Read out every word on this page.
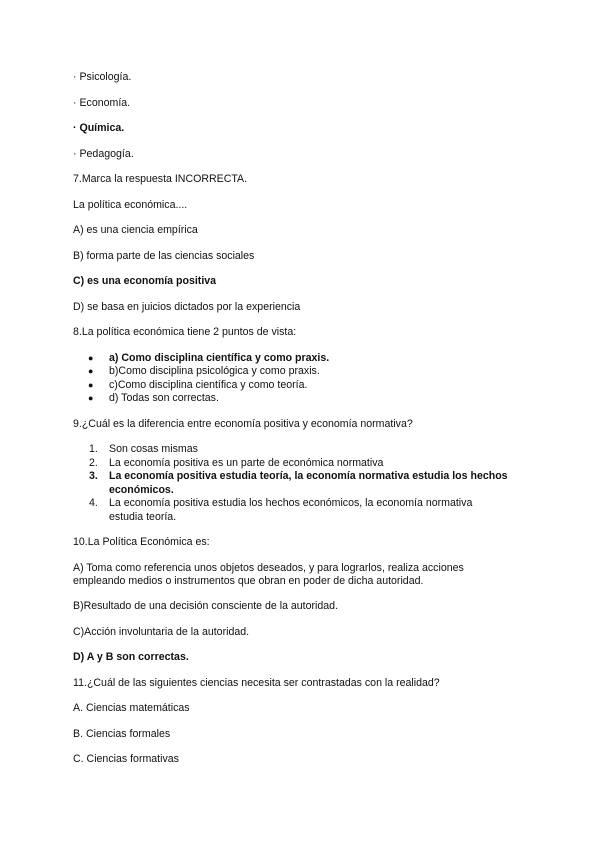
· Psicología.

· Economía.

· Química.

· Pedagogía.

7.Marca la respuesta INCORRECTA.

La política económica....

A) es una ciencia empírica

B) forma parte de las ciencias sociales

C) es una economía positiva

D) se basa en juicios dictados por la experiencia

8.La política económica tiene 2 puntos de vista:

● a) Como disciplina científica y como praxis.
● b)Como disciplina psicológica y como praxis.
● c)Como disciplina científica y como teoría.
● d) Todas son correctas.

9.¿Cuál es la diferencia entre economía positiva y economía normativa?

1.	Son cosas mismas
2.	La economía positiva es un parte de económica normativa
3.	La economía positiva estudia teoría, la economía normativa estudia los hechos económicos.
4.	La economía positiva estudia los hechos económicos, la economía normativa estudia teoría.

10.La Política Económica es:

A) Toma como referencia unos objetos deseados, y para lograrlos, realiza acciones empleando medios o instrumentos que obran en poder de dicha autoridad.

B)Resultado de una decisión consciente de la autoridad.

C)Acción involuntaria de la autoridad.

D) A y B son correctas.

11.¿Cuál de las siguientes ciencias necesita ser contrastadas con la realidad?

A. Ciencias matemáticas

B. Ciencias formales

C. Ciencias formativas
